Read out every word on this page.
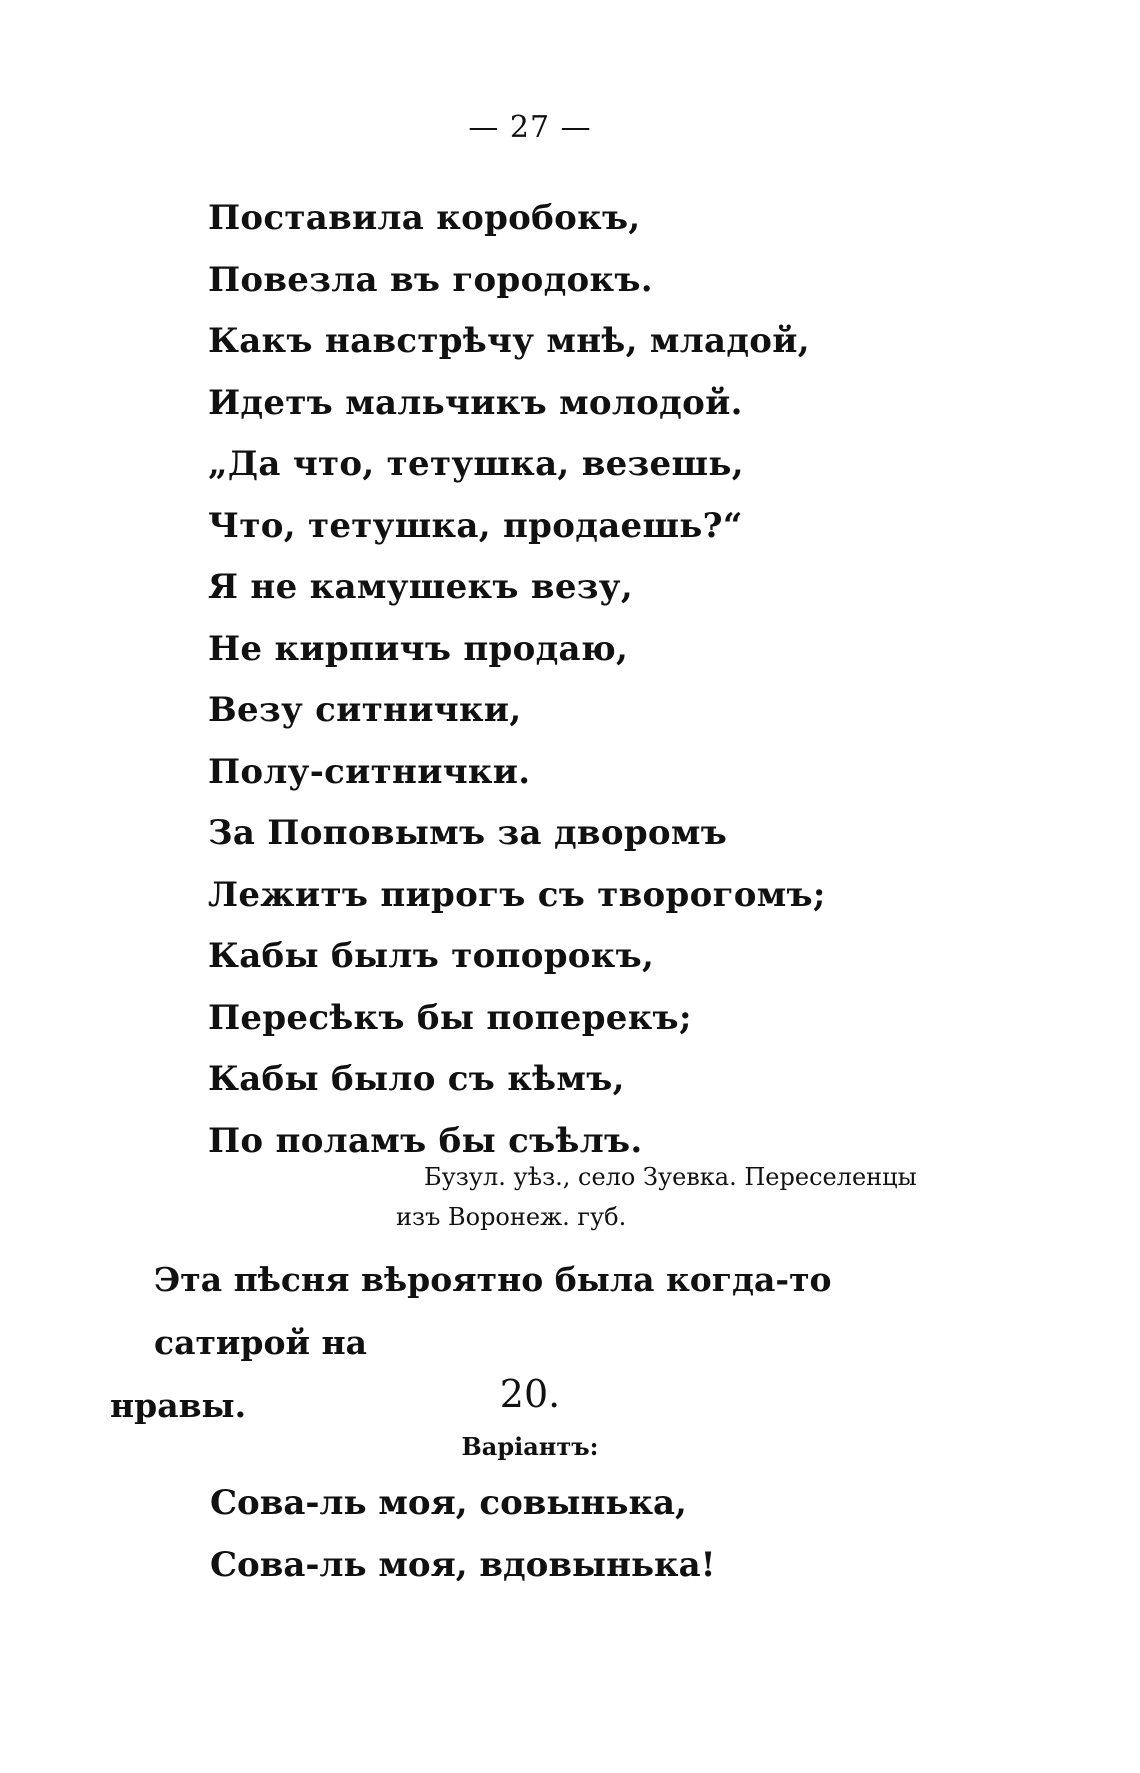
— 27 —
Поставила коробокъ,
Повезла въ городокъ.
Какъ навстрѣчу мнѣ, младой,
Идетъ мальчикъ молодой.
„Да что, тетушка, везешь,
Что, тетушка, продаешь?“
Я не камушекъ везу,
Не кирпичъ продаю,
Везу ситнички,
Полу-ситнички.
За Поповымъ за дворомъ
Лежитъ пирогъ съ творогомъ;
Кабы былъ топорокъ,
Пересѣкъ бы поперекъ;
Кабы было съ кѣмъ,
По поламъ бы съѣлъ.
Бузул. уѣз., село Зуевка. Переселенцы
изъ Воронеж. губ.
Эта пѣсня вѣроятно была когда-то сатирой на
нравы.	20.
Варіантъ:
Сова-ль моя, совынька,
Сова-ль моя, вдовынька!
